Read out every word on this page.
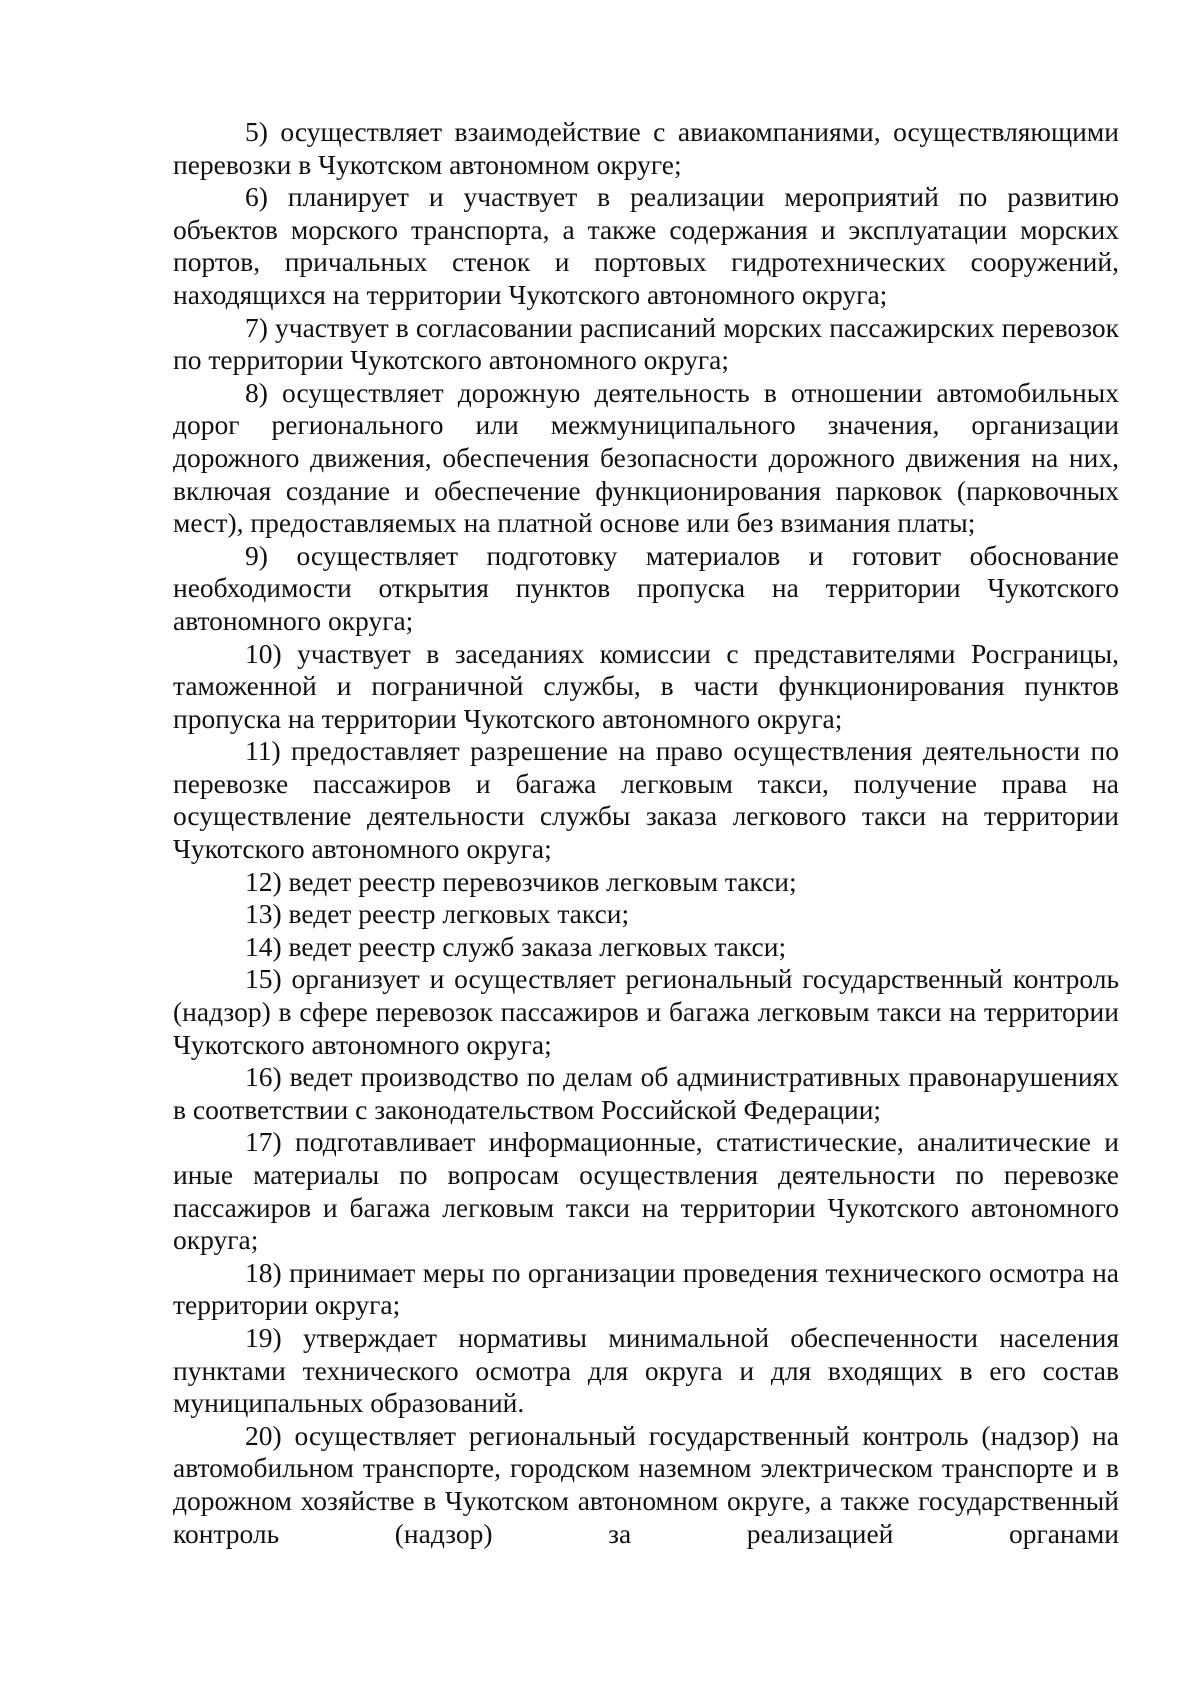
5) осуществляет взаимодействие с авиакомпаниями, осуществляющими перевозки в Чукотском автономном округе;

6) планирует и участвует в реализации мероприятий по развитию объектов морского транспорта, а также содержания и эксплуатации морских портов, причальных стенок и портовых гидротехнических сооружений, находящихся на территории Чукотского автономного округа;

7) участвует в согласовании расписаний морских пассажирских перевозок по территории Чукотского автономного округа;

8) осуществляет дорожную деятельность в отношении автомобильных дорог регионального или межмуниципального значения, организации дорожного движения, обеспечения безопасности дорожного движения на них, включая создание и обеспечение функционирования парковок (парковочных мест), предоставляемых на платной основе или без взимания платы;

9) осуществляет подготовку материалов и готовит обоснование необходимости открытия пунктов пропуска на территории Чукотского автономного округа;

10) участвует в заседаниях комиссии с представителями Росграницы, таможенной и пограничной службы, в части функционирования пунктов пропуска на территории Чукотского автономного округа;

11) предоставляет разрешение на право осуществления деятельности по перевозке пассажиров и багажа легковым такси, получение права на осуществление деятельности службы заказа легкового такси на территории Чукотского автономного округа;

12) ведет реестр перевозчиков легковым такси;

13) ведет реестр легковых такси;

14) ведет реестр служб заказа легковых такси;

15) организует и осуществляет региональный государственный контроль (надзор) в сфере перевозок пассажиров и багажа легковым такси на территории Чукотского автономного округа;

16) ведет производство по делам об административных правонарушениях в соответствии с законодательством Российской Федерации;

17) подготавливает информационные, статистические, аналитические и иные материалы по вопросам осуществления деятельности по перевозке пассажиров и багажа легковым такси на территории Чукотского автономного округа;

18) принимает меры по организации проведения технического осмотра на территории округа;

19) утверждает нормативы минимальной обеспеченности населения пунктами технического осмотра для округа и для входящих в его состав муниципальных образований.

20) осуществляет региональный государственный контроль (надзор) на автомобильном транспорте, городском наземном электрическом транспорте и в дорожном хозяйстве в Чукотском автономном округе, а также государственный контроль (надзор) за реализацией органами
